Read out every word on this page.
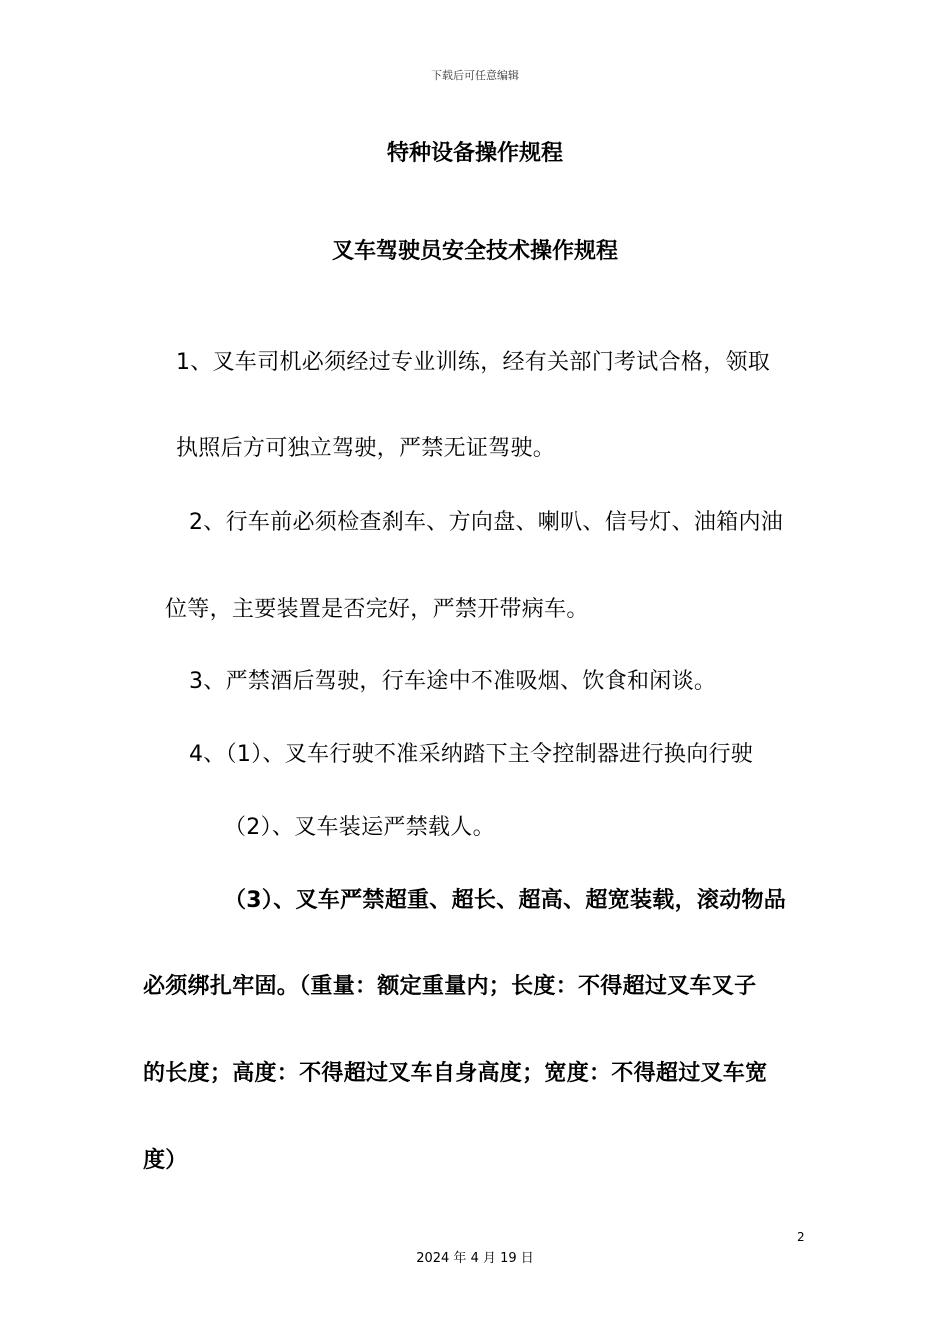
下载后可任意编辑
特种设备操作规程
叉车驾驶员安全技术操作规程
1、叉车司机必须经过专业训练，经有关部门考试合格，领取
执照后方可独立驾驶，严禁无证驾驶。
2、行车前必须检查刹车、方向盘、喇叭、信号灯、油箱内油
位等，主要装置是否完好，严禁开带病车。
3、严禁酒后驾驶，行车途中不准吸烟、饮食和闲谈。
4、（1）、叉车行驶不准采纳踏下主令控制器进行换向行驶
（2）、叉车装运严禁载人。
（3）、叉车严禁超重、超长、超高、超宽装载，滚动物品
必须绑扎牢固。（重量：额定重量内；长度：不得超过叉车叉子
的长度；高度：不得超过叉车自身高度；宽度：不得超过叉车宽
度）
2
2024 年 4 月 19 日
